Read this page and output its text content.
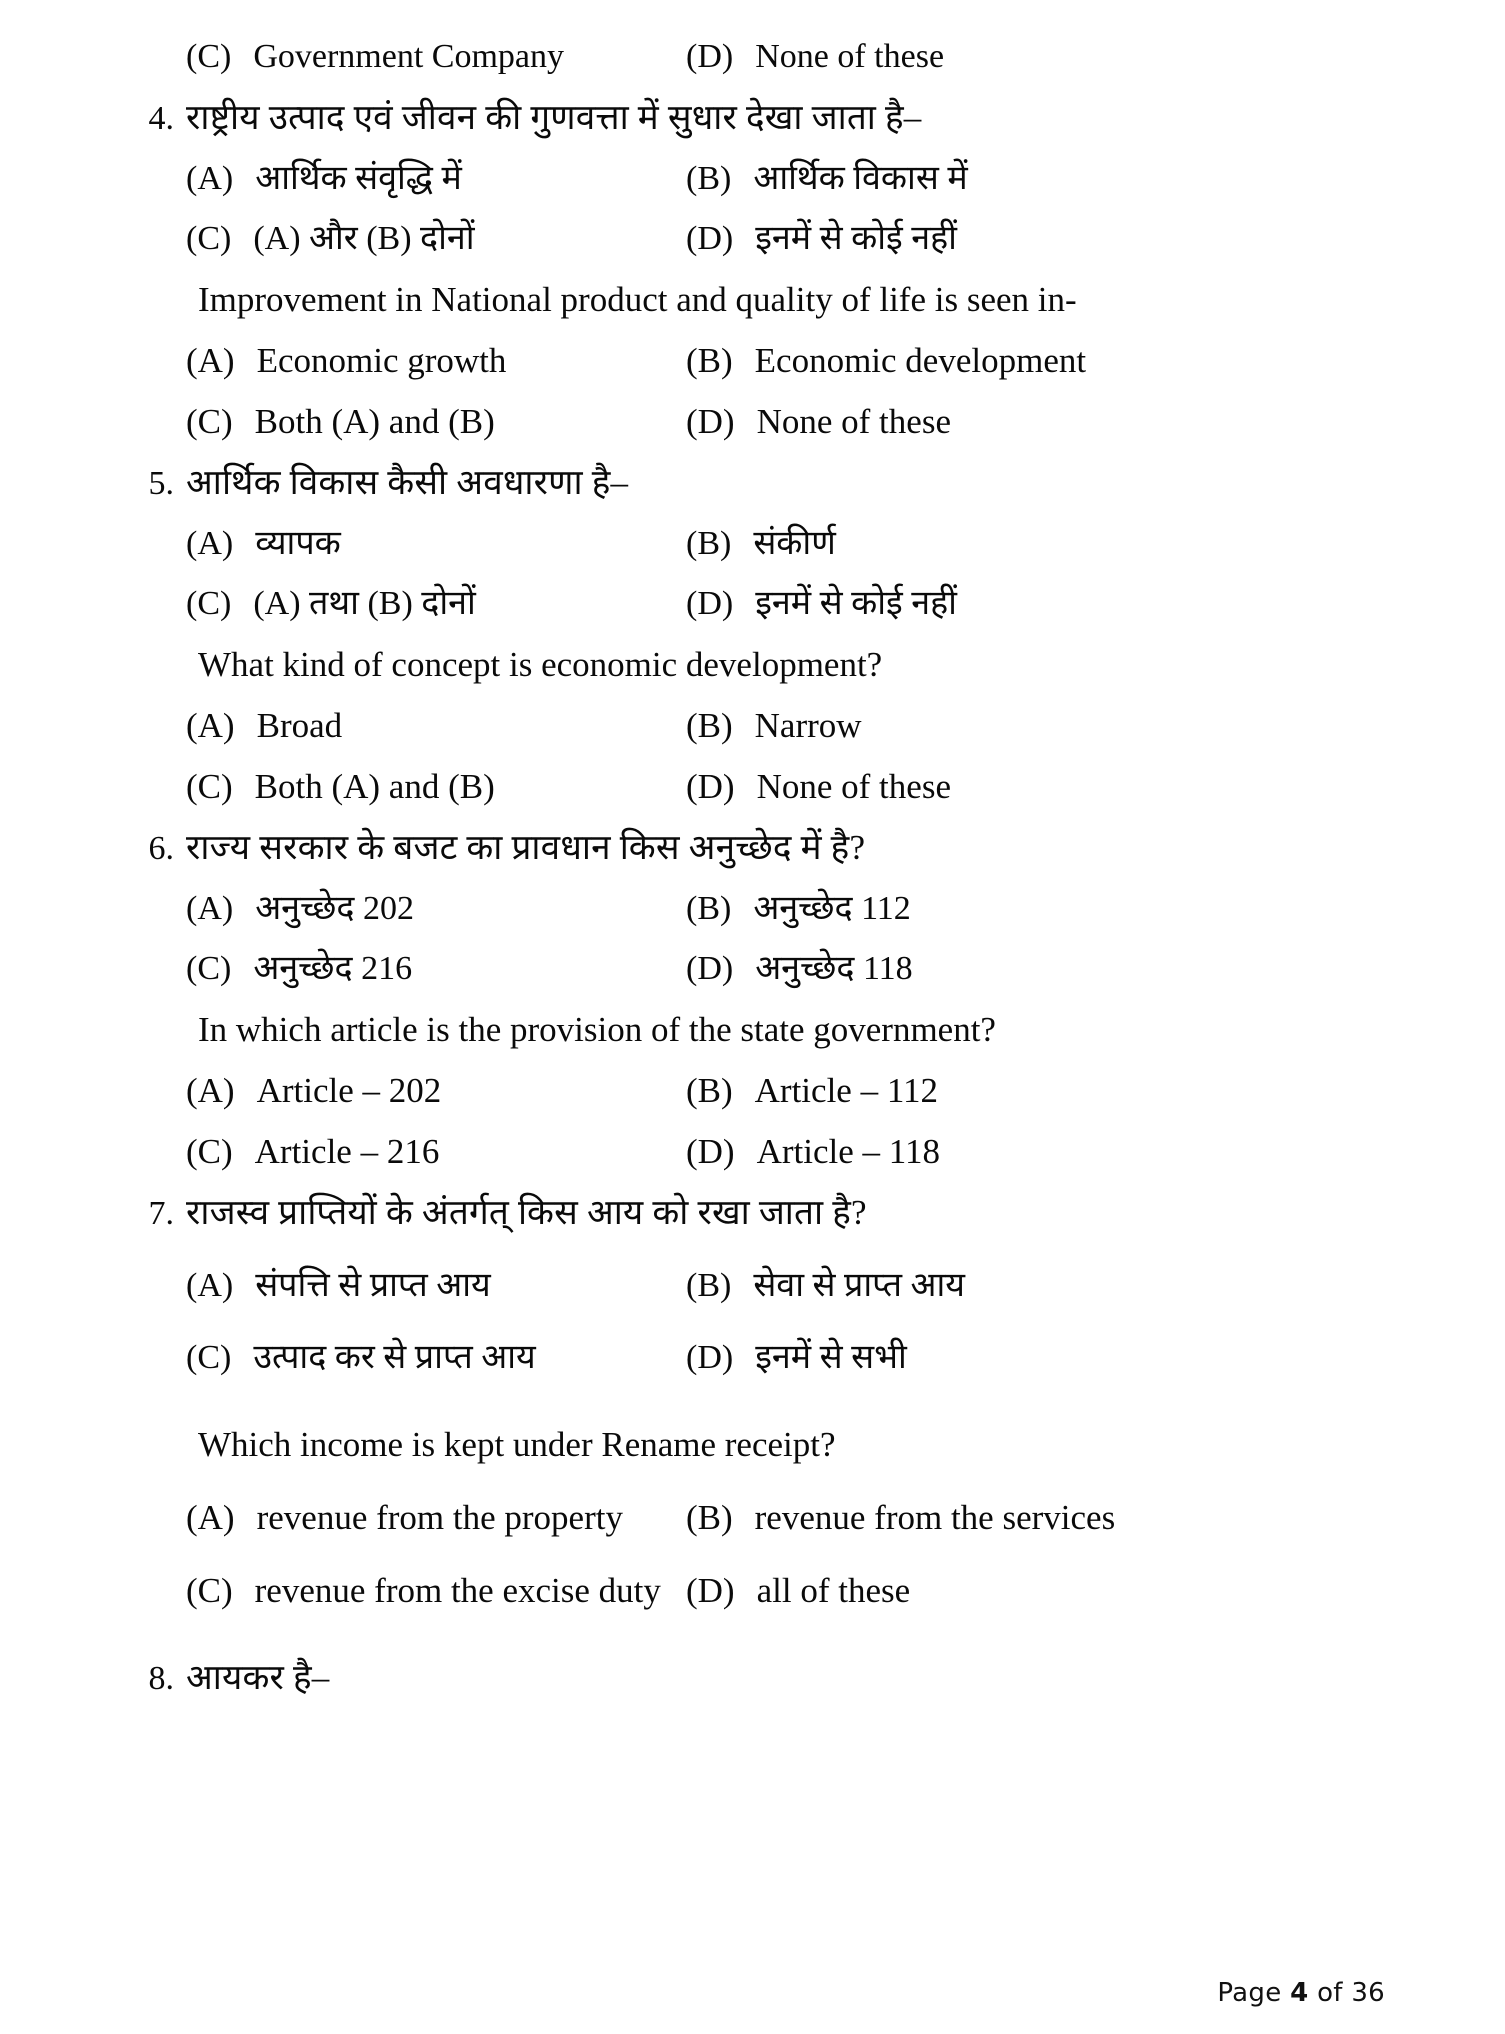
(C) Government Company	(D) None of these
4. राष्ट्रीय उत्पाद एवं जीवन की गुणवत्ता में सुधार देखा जाता है–
(A) आर्थिक संवृद्धि में	(B) आर्थिक विकास में
(C) (A) और (B) दोनों	(D) इनमें से कोई नहीं
Improvement in National product and quality of life is seen in-
(A) Economic growth	(B) Economic development
(C) Both (A) and (B)	(D) None of these
5. आर्थिक विकास कैसी अवधारणा है–
(A) व्यापक	(B) संकीर्ण
(C) (A) तथा (B) दोनों	(D) इनमें से कोई नहीं
What kind of concept is economic development?
(A) Broad	(B) Narrow
(C) Both (A) and (B)	(D) None of these
6. राज्य सरकार के बजट का प्रावधान किस अनुच्छेद में है?
(A) अनुच्छेद 202	(B) अनुच्छेद 112
(C) अनुच्छेद 216	(D) अनुच्छेद 118
In which article is the provision of the state government?
(A) Article – 202	(B) Article – 112
(C) Article – 216	(D) Article – 118
7. राजस्व प्राप्तियों के अंतर्गत् किस आय को रखा जाता है?
(A) संपत्ति से प्राप्त आय	(B) सेवा से प्राप्त आय
(C) उत्पाद कर से प्राप्त आय	(D) इनमें से सभी
Which income is kept under Rename receipt?
(A) revenue from the property (B) revenue from the services
(C) revenue from the excise duty (D) all of these
8. आयकर है–
Page 4 of 36
